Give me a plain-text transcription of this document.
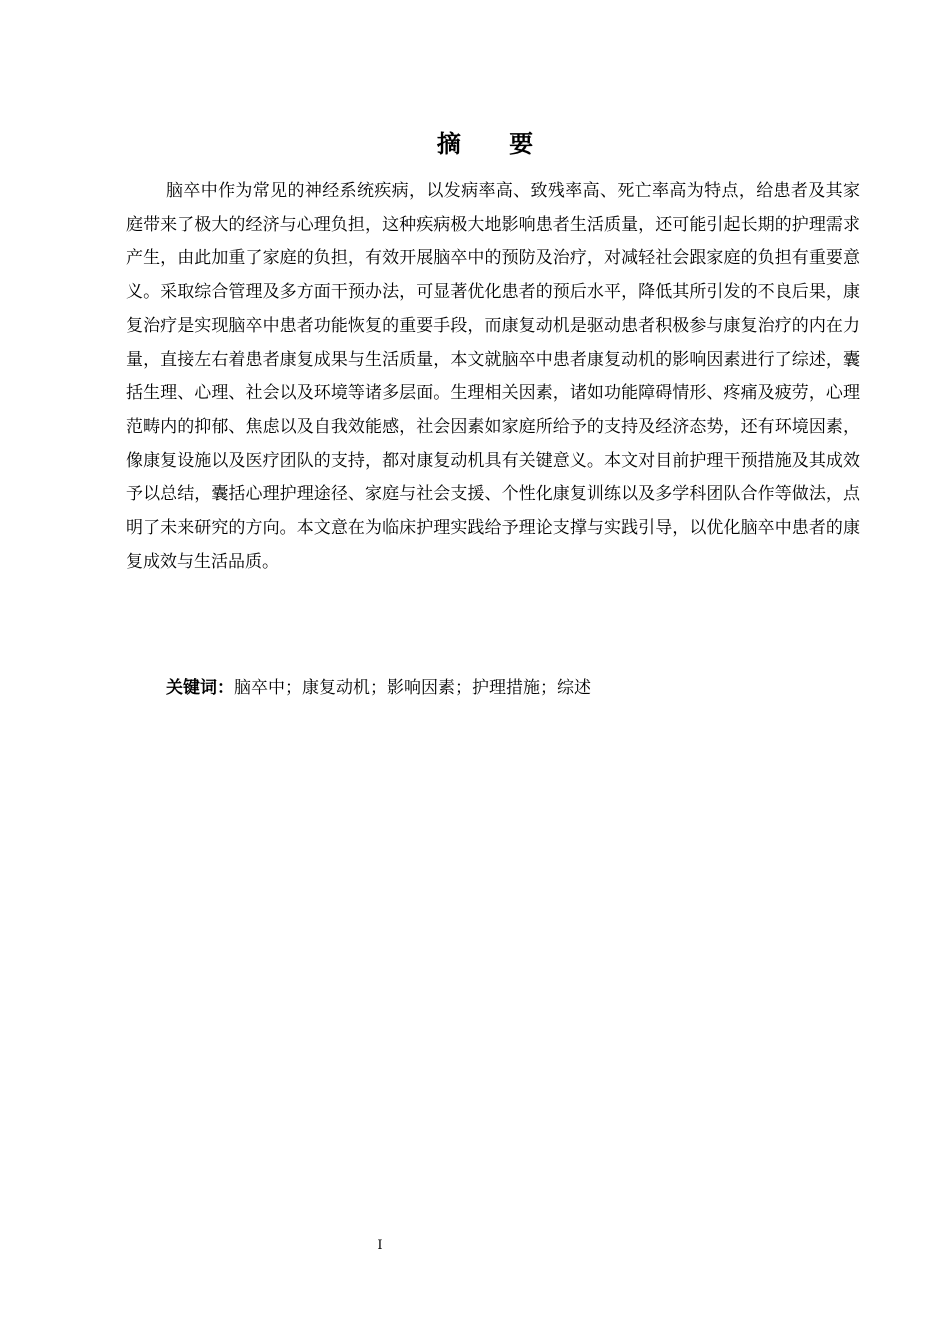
摘 要

脑卒中作为常见的神经系统疾病，以发病率高、致残率高、死亡率高为特点，给患者及其家庭带来了极大的经济与心理负担，这种疾病极大地影响患者生活质量，还可能引起长期的护理需求产生，由此加重了家庭的负担，有效开展脑卒中的预防及治疗，对减轻社会跟家庭的负担有重要意义。采取综合管理及多方面干预办法，可显著优化患者的预后水平，降低其所引发的不良后果，康复治疗是实现脑卒中患者功能恢复的重要手段，而康复动机是驱动患者积极参与康复治疗的内在力量，直接左右着患者康复成果与生活质量，本文就脑卒中患者康复动机的影响因素进行了综述，囊括生理、心理、社会以及环境等诸多层面。生理相关因素，诸如功能障碍情形、疼痛及疲劳，心理范畴内的抑郁、焦虑以及自我效能感，社会因素如家庭所给予的支持及经济态势，还有环境因素，像康复设施以及医疗团队的支持，都对康复动机具有关键意义。本文对目前护理干预措施及其成效予以总结，囊括心理护理途径、家庭与社会支援、个性化康复训练以及多学科团队合作等做法，点明了未来研究的方向。本文意在为临床护理实践给予理论支撑与实践引导，以优化脑卒中患者的康复成效与生活品质。

关键词：脑卒中；康复动机；影响因素；护理措施；综述
I
